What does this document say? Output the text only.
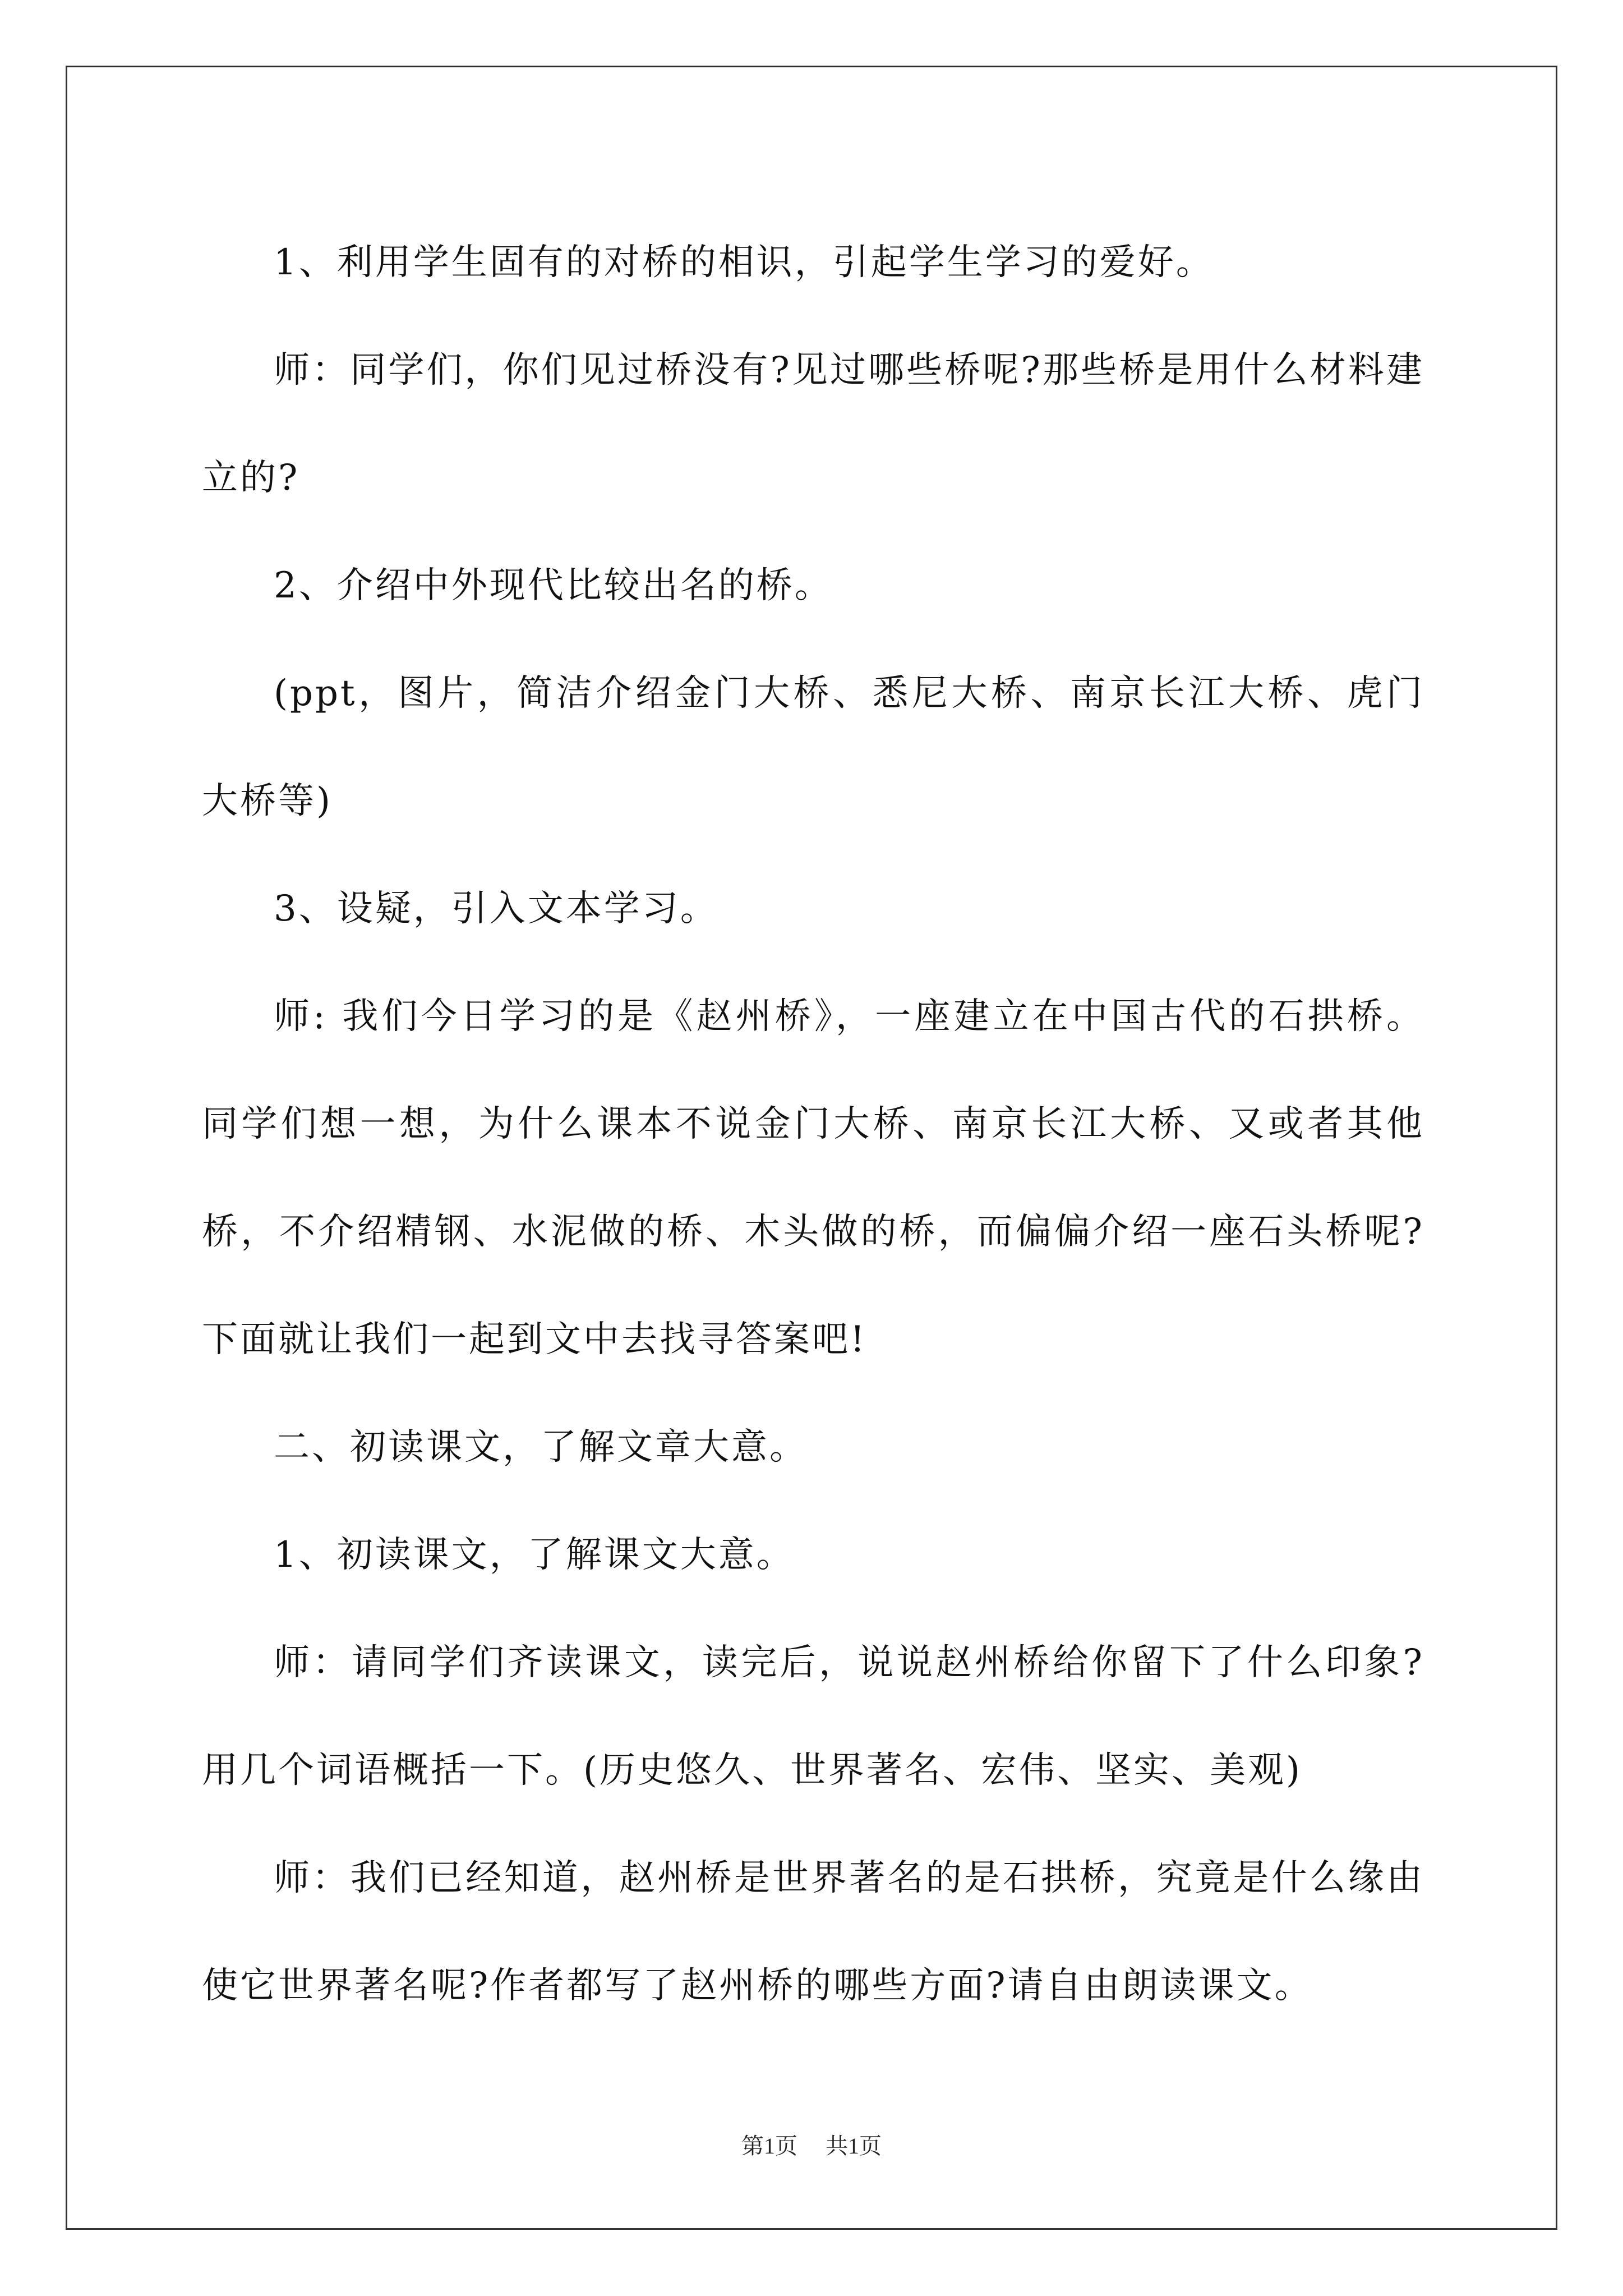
1、利用学生固有的对桥的相识，引起学生学习的爱好。

师：同学们，你们见过桥没有?见过哪些桥呢?那些桥是用什么材料建立的?

2、介绍中外现代比较出名的桥。

(ppt，图片，简洁介绍金门大桥、悉尼大桥、南京长江大桥、虎门大桥等)

3、设疑，引入文本学习。

师: 我们今日学习的是《赵州桥》，一座建立在中国古代的石拱桥。同学们想一想，为什么课本不说金门大桥、南京长江大桥、又或者其他桥，不介绍精钢、水泥做的桥、木头做的桥，而偏偏介绍一座石头桥呢?下面就让我们一起到文中去找寻答案吧!

二、初读课文，了解文章大意。

1、初读课文，了解课文大意。

师：请同学们齐读课文，读完后，说说赵州桥给你留下了什么印象?用几个词语概括一下。(历史悠久、世界著名、宏伟、坚实、美观)

师：我们已经知道，赵州桥是世界著名的是石拱桥，究竟是什么缘由使它世界著名呢?作者都写了赵州桥的哪些方面?请自由朗读课文。

第1页 共1页
